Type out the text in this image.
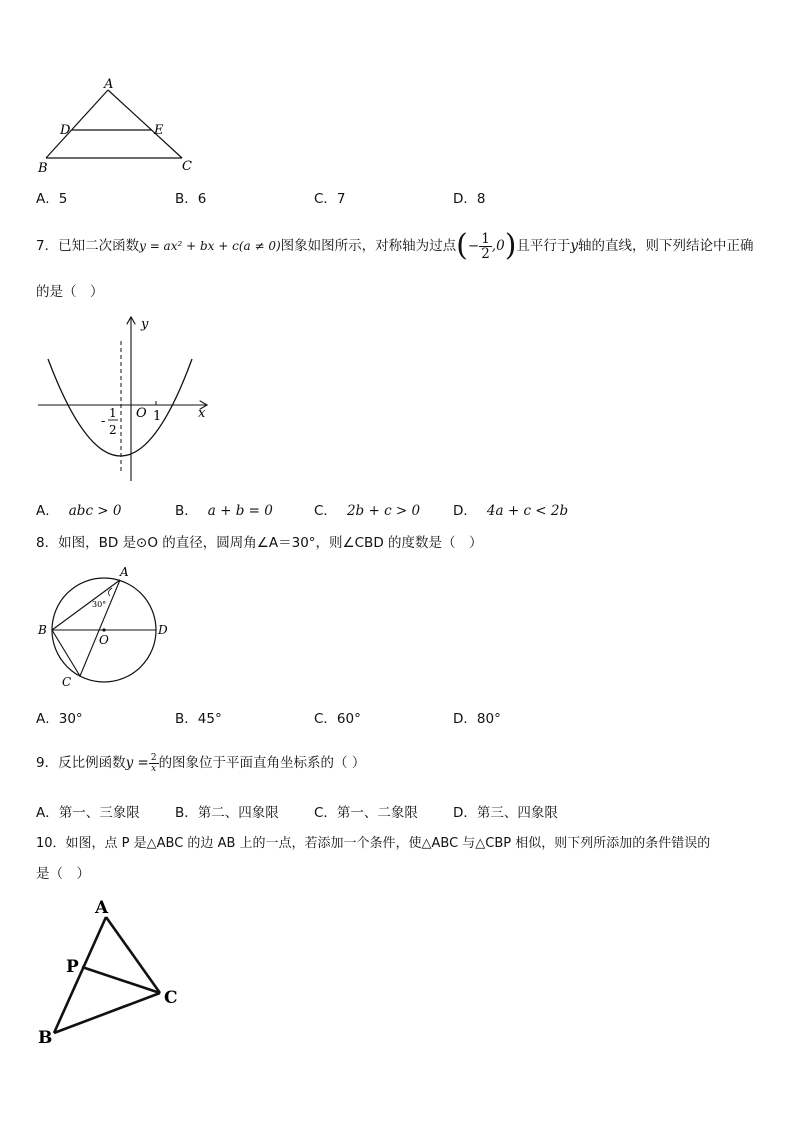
A
D	E
B	C
A．5	B．6	C．7	D．8
7．已知二次函数y = ax² + bx + c(a ≠ 0)图象如图所示，对称轴为过点(− $\frac{1}{2} ,0$)且平行于y轴的直线，则下列结论中正确
的是（　）
y
x
O 1
-
1
2
A． abc > 0	B． a + b = 0	C． 2b + c > 0 D． 4a + c < 2b
8．如图，BD 是⊙O 的直径，圆周角∠A＝30°，则∠CBD 的度数是（　）
30°
A
B	D
O
C
A．30°	B．45°	C．60°	D．80°
9．反比例函数$y = \frac{2}{x}$ 的图象位于平面直角坐标系的（ ）
A．第一、三象限	B．第二、四象限	C．第一、二象限	D．第三、四象限
10．如图，点 P 是△ABC 的边 AB 上的一点，若添加一个条件，使△ABC 与△CBP 相似，则下列所添加的条件错误的
是（　）
A
P
C
B
